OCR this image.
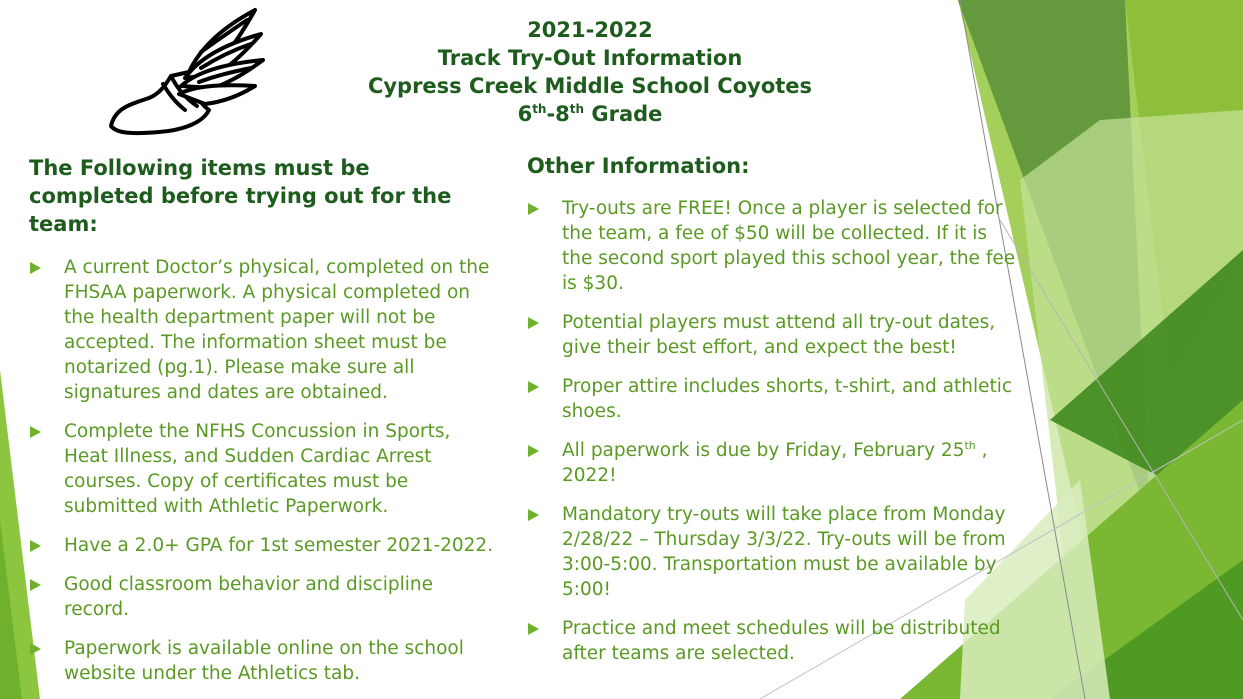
2021-2022
Track Try-Out Information
Cypress Creek Middle School Coyotes
6th-8th Grade
The Following items must be completed before trying out for the team:
A current Doctor’s physical, completed on the FHSAA paperwork. A physical completed on the health department paper will not be accepted. The information sheet must be notarized (pg.1). Please make sure all signatures and dates are obtained.
Complete the NFHS Concussion in Sports, Heat Illness, and Sudden Cardiac Arrest courses. Copy of certificates must be submitted with Athletic Paperwork.
Have a 2.0+ GPA for 1st semester 2021-2022.
Good classroom behavior and discipline record.
Paperwork is available online on the school website under the Athletics tab.
Other Information:
Try-outs are FREE! Once a player is selected for the team, a fee of $50 will be collected. If it is the second sport played this school year, the fee is $30.
Potential players must attend all try-out dates, give their best effort, and expect the best!
Proper attire includes shorts, t-shirt, and athletic shoes.
All paperwork is due by Friday, February 25th , 2022!
Mandatory try-outs will take place from Monday 2/28/22 – Thursday 3/3/22. Try-outs will be from 3:00-5:00. Transportation must be available by 5:00!
Practice and meet schedules will be distributed after teams are selected.
